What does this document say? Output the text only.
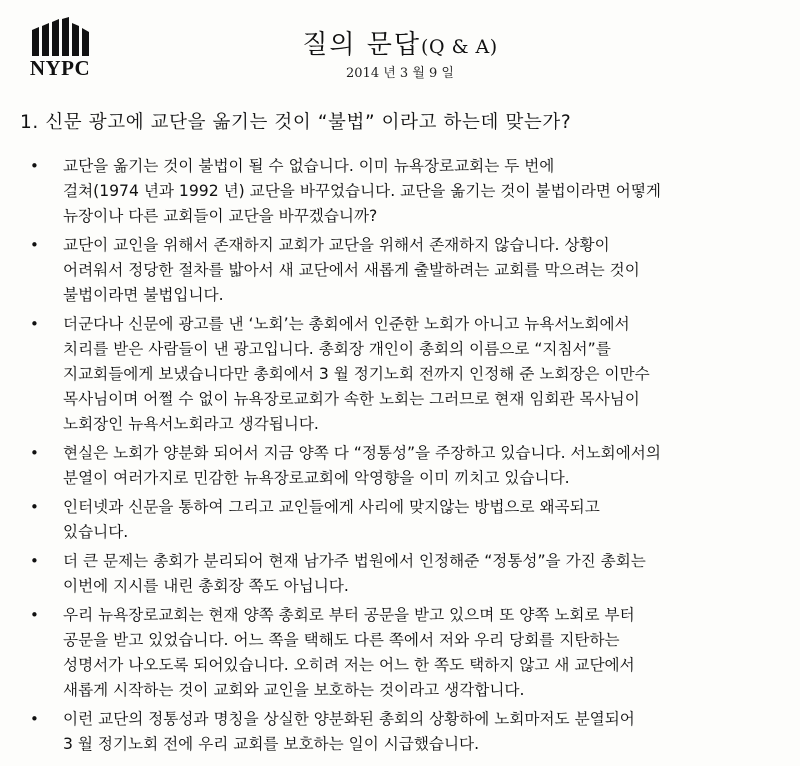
NYPC
질의 문답(Q & A)
2014 년 3 월 9 일
1. 신문 광고에 교단을 옮기는 것이 “불법” 이라고 하는데 맞는가?
•	교단을 옮기는 것이 불법이 될 수 없습니다. 이미 뉴욕장로교회는 두 번에
걸쳐(1974 년과 1992 년) 교단을 바꾸었습니다. 교단을 옮기는 것이 불법이라면 어떻게
뉴장이나 다른 교회들이 교단을 바꾸겠습니까?
•	교단이 교인을 위해서 존재하지 교회가 교단을 위해서 존재하지 않습니다. 상황이
어려워서 정당한 절차를 밟아서 새 교단에서 새롭게 출발하려는 교회를 막으려는 것이
불법이라면 불법입니다.
•	더군다나 신문에 광고를 낸 ‘노회’는 총회에서 인준한 노회가 아니고 뉴욕서노회에서
치리를 받은 사람들이 낸 광고입니다. 총회장 개인이 총회의 이름으로 “지침서”를
지교회들에게 보냈습니다만 총회에서 3 월 정기노회 전까지 인정해 준 노회장은 이만수
목사님이며 어쩔 수 없이 뉴욕장로교회가 속한 노회는 그러므로 현재 임회관 목사님이
노회장인 뉴욕서노회라고 생각됩니다.
•	현실은 노회가 양분화 되어서 지금 양쪽 다 “정통성”을 주장하고 있습니다. 서노회에서의
분열이 여러가지로 민감한 뉴욕장로교회에 악영향을 이미 끼치고 있습니다.
•	인터넷과 신문을 통하여 그리고 교인들에게 사리에 맞지않는 방법으로 왜곡되고
있습니다.
•	더 큰 문제는 총회가 분리되어 현재 남가주 법원에서 인정해준 “정통성”을 가진 총회는
이번에 지시를 내린 총회장 쪽도 아닙니다.
•	우리 뉴욕장로교회는 현재 양쪽 총회로 부터 공문을 받고 있으며 또 양쪽 노회로 부터
공문을 받고 있었습니다. 어느 쪽을 택해도 다른 쪽에서 저와 우리 당회를 지탄하는
성명서가 나오도록 되어있습니다. 오히려 저는 어느 한 쪽도 택하지 않고 새 교단에서
새롭게 시작하는 것이 교회와 교인을 보호하는 것이라고 생각합니다.
•	이런 교단의 정통성과 명칭을 상실한 양분화된 총회의 상황하에 노회마저도 분열되어
3 월 정기노회 전에 우리 교회를 보호하는 일이 시급했습니다.
